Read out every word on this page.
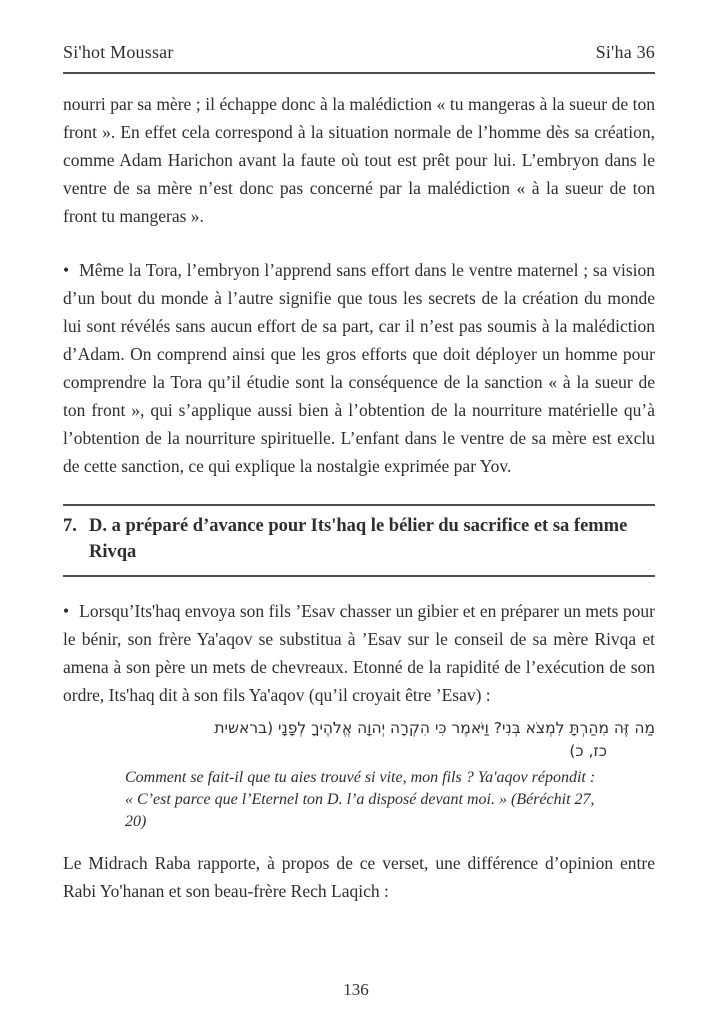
Si'hot Moussar	Si'ha 36

nourri par sa mère ; il échappe donc à la malédiction « tu mangeras à la sueur de ton front ». En effet cela correspond à la situation normale de l’homme dès sa création, comme Adam Harichon avant la faute où tout est prêt pour lui. L’embryon dans le ventre de sa mère n’est donc pas concerné par la malédiction « à la sueur de ton front tu mangeras ».

• Même la Tora, l’embryon l’apprend sans effort dans le ventre maternel ; sa vision d’un bout du monde à l’autre signifie que tous les secrets de la création du monde lui sont révélés sans aucun effort de sa part, car il n’est pas soumis à la malédiction d’Adam. On comprend ainsi que les gros efforts que doit déployer un homme pour comprendre la Tora qu’il étudie sont la conséquence de la sanction « à la sueur de ton front », qui s’applique aussi bien à l’obtention de la nourriture matérielle qu’à l’obtention de la nourriture spirituelle. L’enfant dans le ventre de sa mère est exclu de cette sanction, ce qui explique la nostalgie exprimée par Yov.

7. D. a préparé d’avance pour Its'haq le bélier du sacrifice et sa femme Rivqa

• Lorsqu’Its'haq envoya son fils ’Esav chasser un gibier et en préparer un mets pour le bénir, son frère Ya'aqov se substitua à ’Esav sur le conseil de sa mère Rivqa et amena à son père un mets de chevreaux. Etonné de la rapidité de l’exécution de son ordre, Its'haq dit à son fils Ya'aqov (qu’il croyait être ’Esav) :

מַה זֶּה מִהַרְתָּ לִמְצֹא בְּנִי? וַיֹּאמֶר כִּי הִקְרָה יְהוָה אֱלֹהֶיךָ לְפָנָי (בראשית
כז, כ)
Comment se fait-il que tu aies trouvé si vite, mon fils ? Ya'aqov répondit : « C’est parce que l’Eternel ton D. l’a disposé devant moi. » (Béréchit 27, 20)

Le Midrach Raba rapporte, à propos de ce verset, une différence d’opinion entre Rabi Yo'hanan et son beau-frère Rech Laqich :

136
